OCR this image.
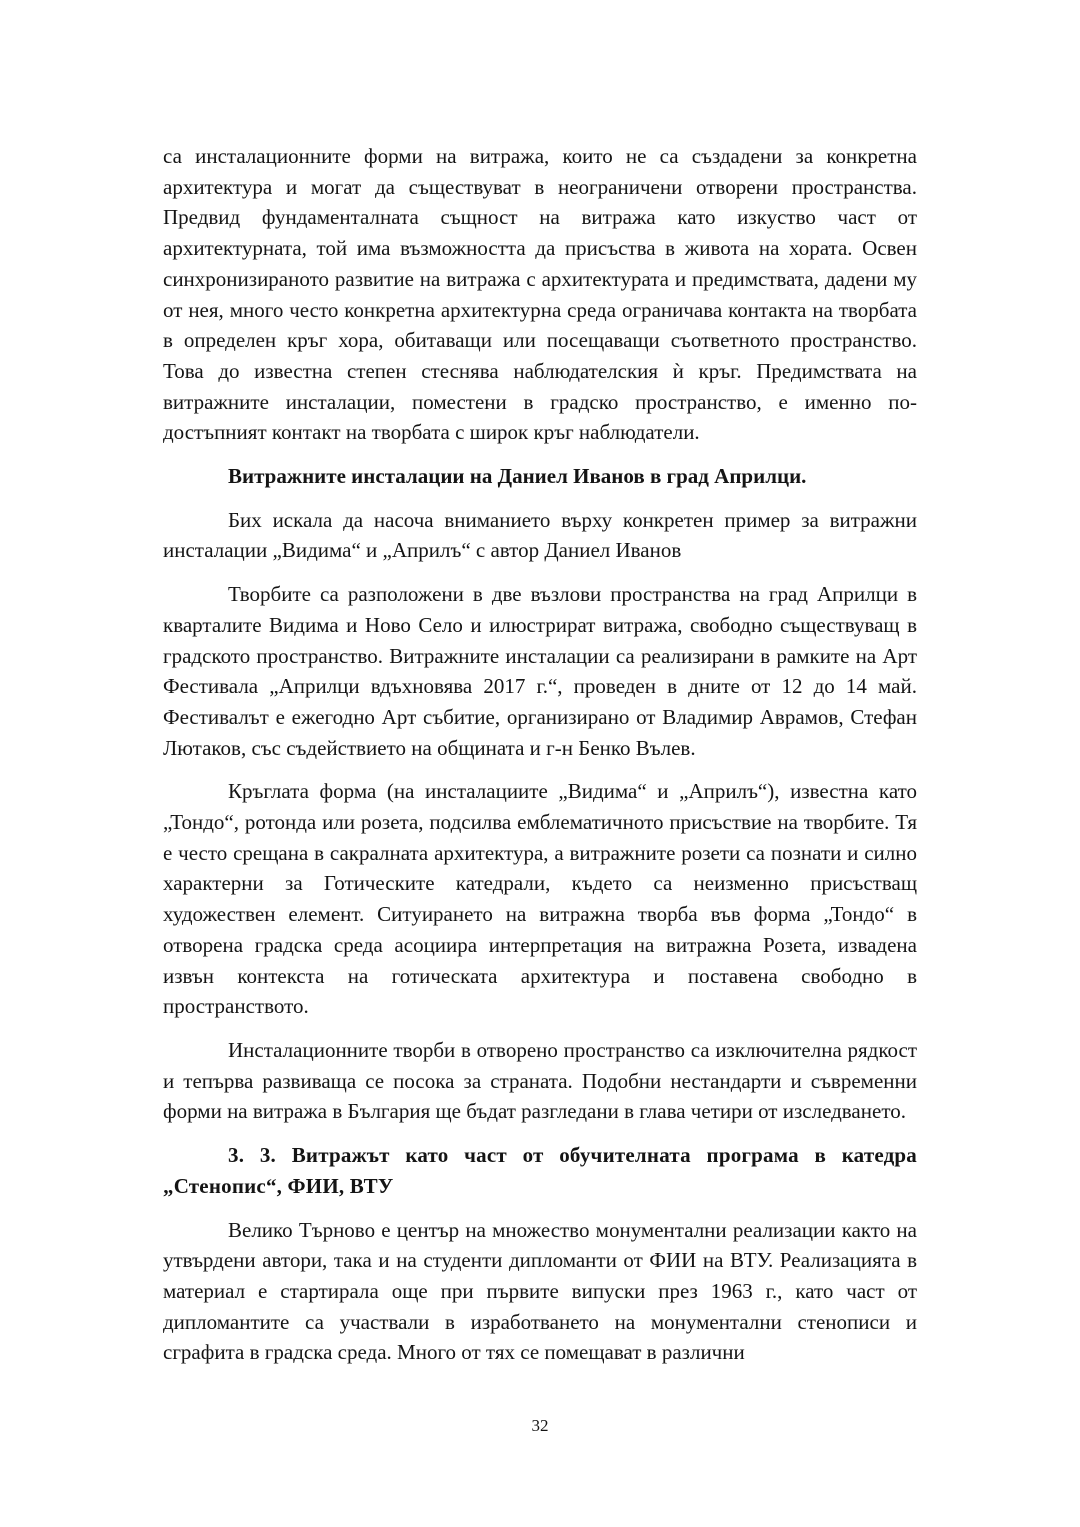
са инсталационните форми на витража, които не са създадени за конкретна архитектура и могат да съществуват в неограничени отворени пространства. Предвид фундаменталната същност на витража като изкуство част от архитектурната, той има възможността да присъства в живота на хората. Освен синхронизираното развитие на витража с архитектурата и предимствата, дадени му от нея, много често конкретна архитектурна среда ограничава контакта на творбата в определен кръг хора, обитаващи или посещаващи съответното пространство. Това до известна степен стеснява наблюдателския ѝ кръг. Предимствата на витражните инсталации, поместени в градско пространство, е именно по-достъпният контакт на творбата с широк кръг наблюдатели.

Витражните инсталации на Даниел Иванов в град Априлци.

Бих искала да насоча вниманието върху конкретен пример за витражни инсталации „Видима“ и „Априлъ“ с автор Даниел Иванов

Творбите са разположени в две възлови пространства на град Априлци в кварталите Видима и Ново Село и илюстрират витража, свободно съществуващ в градското пространство. Витражните инсталации са реализирани в рамките на Арт Фестивала „Априлци вдъхновява 2017 г.“, проведен в дните от 12 до 14 май. Фестивалът е ежегодно Арт събитие, организирано от Владимир Аврамов, Стефан Лютаков, със съдействието на общината и г-н Бенко Вълев.

Кръглата форма (на инсталациите „Видима“ и „Априлъ“), известна като „Тондо“, ротонда или розета, подсилва емблематичното присъствие на творбите. Тя е често срещана в сакралната архитектура, а витражните розети са познати и силно характерни за Готическите катедрали, където са неизменно присъстващ художествен елемент. Ситуирането на витражна творба във форма „Тондо“ в отворена градска среда асоциира интерпретация на витражна Розета, извадена извън контекста на готическата архитектура и поставена свободно в пространството.

Инсталационните творби в отворено пространство са изключителна рядкост и тепърва развиваща се посока за страната. Подобни нестандарти и съвременни форми на витража в България ще бъдат разгледани в глава четири от изследването.

3. 3. Витражът като част от обучителната програма в катедра „Стенопис“, ФИИ, ВТУ

Велико Търново е център на множество монументални реализации както на утвърдени автори, така и на студенти дипломанти от ФИИ на ВТУ. Реализацията в материал е стартирала още при първите випуски през 1963 г., като част от дипломантите са участвали в изработването на монументални стенописи и сграфита в градска среда. Много от тях се помещават в различни

32
